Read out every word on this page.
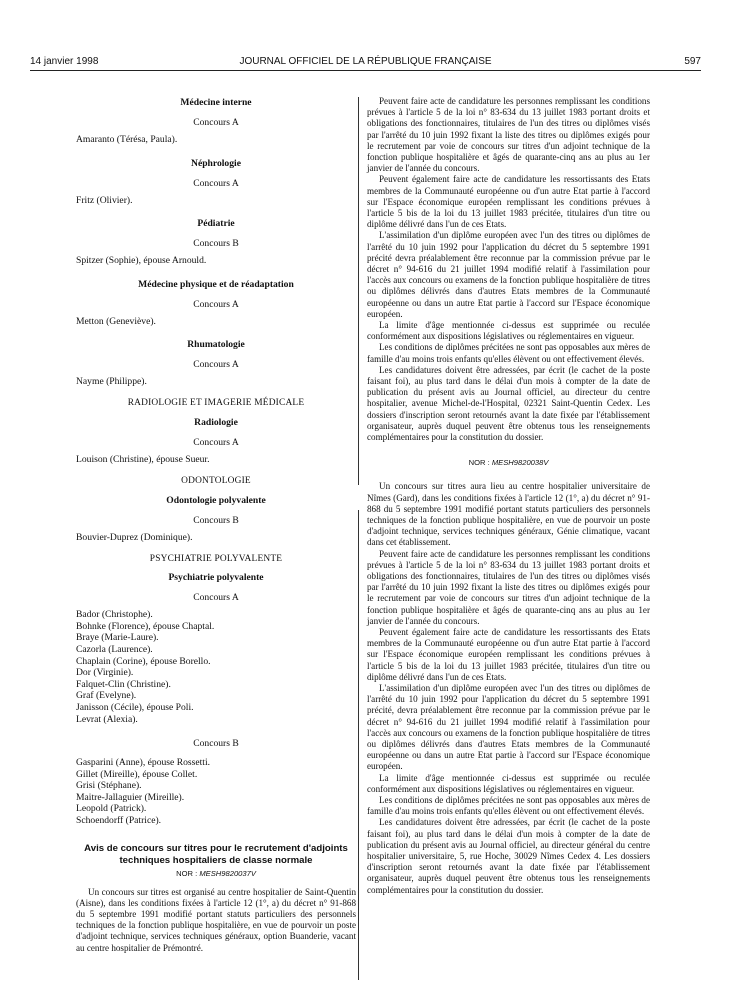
14 janvier 1998	JOURNAL OFFICIEL DE LA RÉPUBLIQUE FRANÇAISE	597

Médecine interne

Concours A

Amaranto (Térésa, Paula).

Néphrologie

Concours A

Fritz (Olivier).

Pédiatrie

Concours B

Spitzer (Sophie), épouse Arnould.

Médecine physique et de réadaptation

Concours A

Metton (Geneviève).

Rhumatologie

Concours A

Nayme (Philippe).

RADIOLOGIE ET IMAGERIE MÉDICALE

Radiologie

Concours A

Louison (Christine), épouse Sueur.

ODONTOLOGIE

Odontologie polyvalente

Concours B

Bouvier-Duprez (Dominique).

PSYCHIATRIE POLYVALENTE

Psychiatrie polyvalente

Concours A

Bador (Christophe).

Bohnke (Florence), épouse Chaptal.

Braye (Marie-Laure).

Cazorla (Laurence).

Chaplain (Corine), épouse Borello.

Dor (Virginie).

Falquet-Clin (Christine).

Graf (Evelyne).

Janisson (Cécile), épouse Poli.

Levrat (Alexia).

Concours B

Gasparini (Anne), épouse Rossetti.

Gillet (Mireille), épouse Collet.

Grisi (Stéphane).

Maitre-Jallaguier (Mireille).

Leopold (Patrick).

Schoendorff (Patrice).

Avis de concours sur titres pour le recrutement d'adjoints techniques hospitaliers de classe normale

NOR : MESH9820037V

Un concours sur titres est organisé au centre hospitalier de Saint-Quentin (Aisne), dans les conditions fixées à l'article 12 (1°, a) du décret n° 91-868 du 5 septembre 1991 modifié portant statuts particuliers des personnels techniques de la fonction publique hospitalière, en vue de pourvoir un poste d'adjoint technique, services techniques généraux, option Buanderie, vacant au centre hospitalier de Prémontré.

Peuvent faire acte de candidature les personnes remplissant les conditions prévues à l'article 5 de la loi n° 83-634 du 13 juillet 1983 portant droits et obligations des fonctionnaires, titulaires de l'un des titres ou diplômes visés par l'arrêté du 10 juin 1992 fixant la liste des titres ou diplômes exigés pour le recrutement par voie de concours sur titres d'un adjoint technique de la fonction publique hospitalière et âgés de quarante-cinq ans au plus au 1er janvier de l'année du concours.

Peuvent également faire acte de candidature les ressortissants des Etats membres de la Communauté européenne ou d'un autre Etat partie à l'accord sur l'Espace économique européen remplissant les conditions prévues à l'article 5 bis de la loi du 13 juillet 1983 précitée, titulaires d'un titre ou diplôme délivré dans l'un de ces Etats.

L'assimilation d'un diplôme européen avec l'un des titres ou diplômes de l'arrêté du 10 juin 1992 pour l'application du décret du 5 septembre 1991 précité devra préalablement être reconnue par la commission prévue par le décret n° 94-616 du 21 juillet 1994 modifié relatif à l'assimilation pour l'accès aux concours ou examens de la fonction publique hospitalière de titres ou diplômes délivrés dans d'autres Etats membres de la Communauté européenne ou dans un autre Etat partie à l'accord sur l'Espace économique européen.

La limite d'âge mentionnée ci-dessus est supprimée ou reculée conformément aux dispositions législatives ou réglementaires en vigueur.

Les conditions de diplômes précitées ne sont pas opposables aux mères de famille d'au moins trois enfants qu'elles élèvent ou ont effectivement élevés.

Les candidatures doivent être adressées, par écrit (le cachet de la poste faisant foi), au plus tard dans le délai d'un mois à compter de la date de publication du présent avis au Journal officiel, au directeur du centre hospitalier, avenue Michel-de-l'Hospital, 02321 Saint-Quentin Cedex. Les dossiers d'inscription seront retournés avant la date fixée par l'établissement organisateur, auprès duquel peuvent être obtenus tous les renseignements complémentaires pour la constitution du dossier.

NOR : MESH9820038V

Un concours sur titres aura lieu au centre hospitalier universitaire de Nîmes (Gard), dans les conditions fixées à l'article 12 (1°, a) du décret n° 91-868 du 5 septembre 1991 modifié portant statuts particuliers des personnels techniques de la fonction publique hospitalière, en vue de pourvoir un poste d'adjoint technique, services techniques généraux, Génie climatique, vacant dans cet établissement.

Peuvent faire acte de candidature les personnes remplissant les conditions prévues à l'article 5 de la loi n° 83-634 du 13 juillet 1983 portant droits et obligations des fonctionnaires, titulaires de l'un des titres ou diplômes visés par l'arrêté du 10 juin 1992 fixant la liste des titres ou diplômes exigés pour le recrutement par voie de concours sur titres d'un adjoint technique de la fonction publique hospitalière et âgés de quarante-cinq ans au plus au 1er janvier de l'année du concours.

Peuvent également faire acte de candidature les ressortissants des Etats membres de la Communauté européenne ou d'un autre Etat partie à l'accord sur l'Espace économique européen remplissant les conditions prévues à l'article 5 bis de la loi du 13 juillet 1983 précitée, titulaires d'un titre ou diplôme délivré dans l'un de ces Etats.

L'assimilation d'un diplôme européen avec l'un des titres ou diplômes de l'arrêté du 10 juin 1992 pour l'application du décret du 5 septembre 1991 précité, devra préalablement être reconnue par la commission prévue par le décret n° 94-616 du 21 juillet 1994 modifié relatif à l'assimilation pour l'accès aux concours ou examens de la fonction publique hospitalière de titres ou diplômes délivrés dans d'autres Etats membres de la Communauté européenne ou dans un autre Etat partie à l'accord sur l'Espace économique européen.

La limite d'âge mentionnée ci-dessus est supprimée ou reculée conformément aux dispositions législatives ou réglementaires en vigueur.

Les conditions de diplômes précitées ne sont pas opposables aux mères de famille d'au moins trois enfants qu'elles élèvent ou ont effectivement élevés.

Les candidatures doivent être adressées, par écrit (le cachet de la poste faisant foi), au plus tard dans le délai d'un mois à compter de la date de publication du présent avis au Journal officiel, au directeur général du centre hospitalier universitaire, 5, rue Hoche, 30029 Nîmes Cedex 4. Les dossiers d'inscription seront retournés avant la date fixée par l'établissement organisateur, auprès duquel peuvent être obtenus tous les renseignements complémentaires pour la constitution du dossier.
